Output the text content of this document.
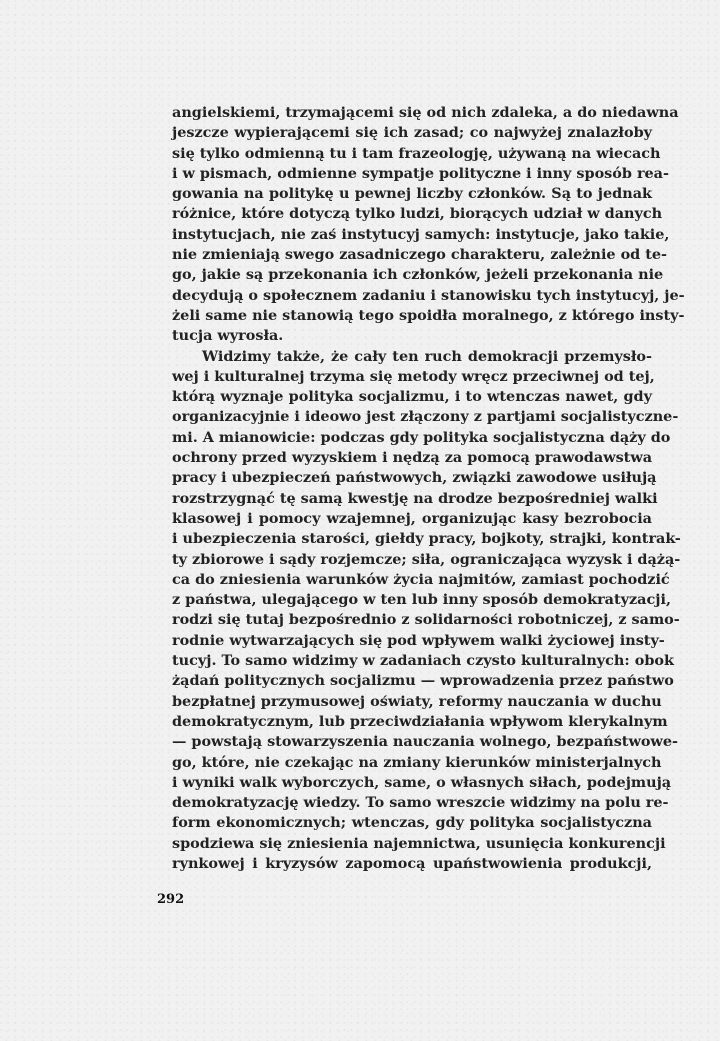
angielskiemi, trzymającemi się od nich zdaleka, a do niedawna
jeszcze wypierającemi się ich zasad; co najwyżej znalazłoby
się tylko odmienną tu i tam frazeologję, używaną na wiecach
i w pismach, odmienne sympatje polityczne i inny sposób rea-
gowania na politykę u pewnej liczby członków. Są to jednak
różnice, które dotyczą tylko ludzi, biorących udział w danych
instytucjach, nie zaś instytucyj samych: instytucje, jako takie,
nie zmieniają swego zasadniczego charakteru, zależnie od te-
go, jakie są przekonania ich członków, jeżeli przekonania nie
decydują o społecznem zadaniu i stanowisku tych instytucyj, je-
żeli same nie stanowią tego spoidła moralnego, z którego insty-
tucja wyrosła.
Widzimy także, że cały ten ruch demokracji przemysło-
wej i kulturalnej trzyma się metody wręcz przeciwnej od tej,
którą wyznaje polityka socjalizmu, i to wtenczas nawet, gdy
organizacyjnie i ideowo jest złączony z partjami socjalistyczne-
mi. A mianowicie: podczas gdy polityka socjalistyczna dąży do
ochrony przed wyzyskiem i nędzą za pomocą prawodawstwa
pracy i ubezpieczeń państwowych, związki zawodowe usiłują
rozstrzygnąć tę samą kwestję na drodze bezpośredniej walki
klasowej i pomocy wzajemnej, organizując kasy bezrobocia
i ubezpieczenia starości, giełdy pracy, bojkoty, strajki, kontrak-
ty zbiorowe i sądy rozjemcze; siła, ograniczająca wyzysk i dążą-
ca do zniesienia warunków życia najmitów, zamiast pochodzić
z państwa, ulegającego w ten lub inny sposób demokratyzacji,
rodzi się tutaj bezpośrednio z solidarności robotniczej, z samo-
rodnie wytwarzających się pod wpływem walki życiowej insty-
tucyj. To samo widzimy w zadaniach czysto kulturalnych: obok
żądań politycznych socjalizmu — wprowadzenia przez państwo
bezpłatnej przymusowej oświaty, reformy nauczania w duchu
demokratycznym, lub przeciwdziałania wpływom klerykalnym
— powstają stowarzyszenia nauczania wolnego, bezpaństwowe-
go, które, nie czekając na zmiany kierunków ministerjalnych
i wyniki walk wyborczych, same, o własnych siłach, podejmują
demokratyzację wiedzy. To samo wreszcie widzimy na polu re-
form ekonomicznych; wtenczas, gdy polityka socjalistyczna
spodziewa się zniesienia najemnictwa, usunięcia konkurencji
rynkowej i kryzysów zapomocą upaństwowienia produkcji,
292
